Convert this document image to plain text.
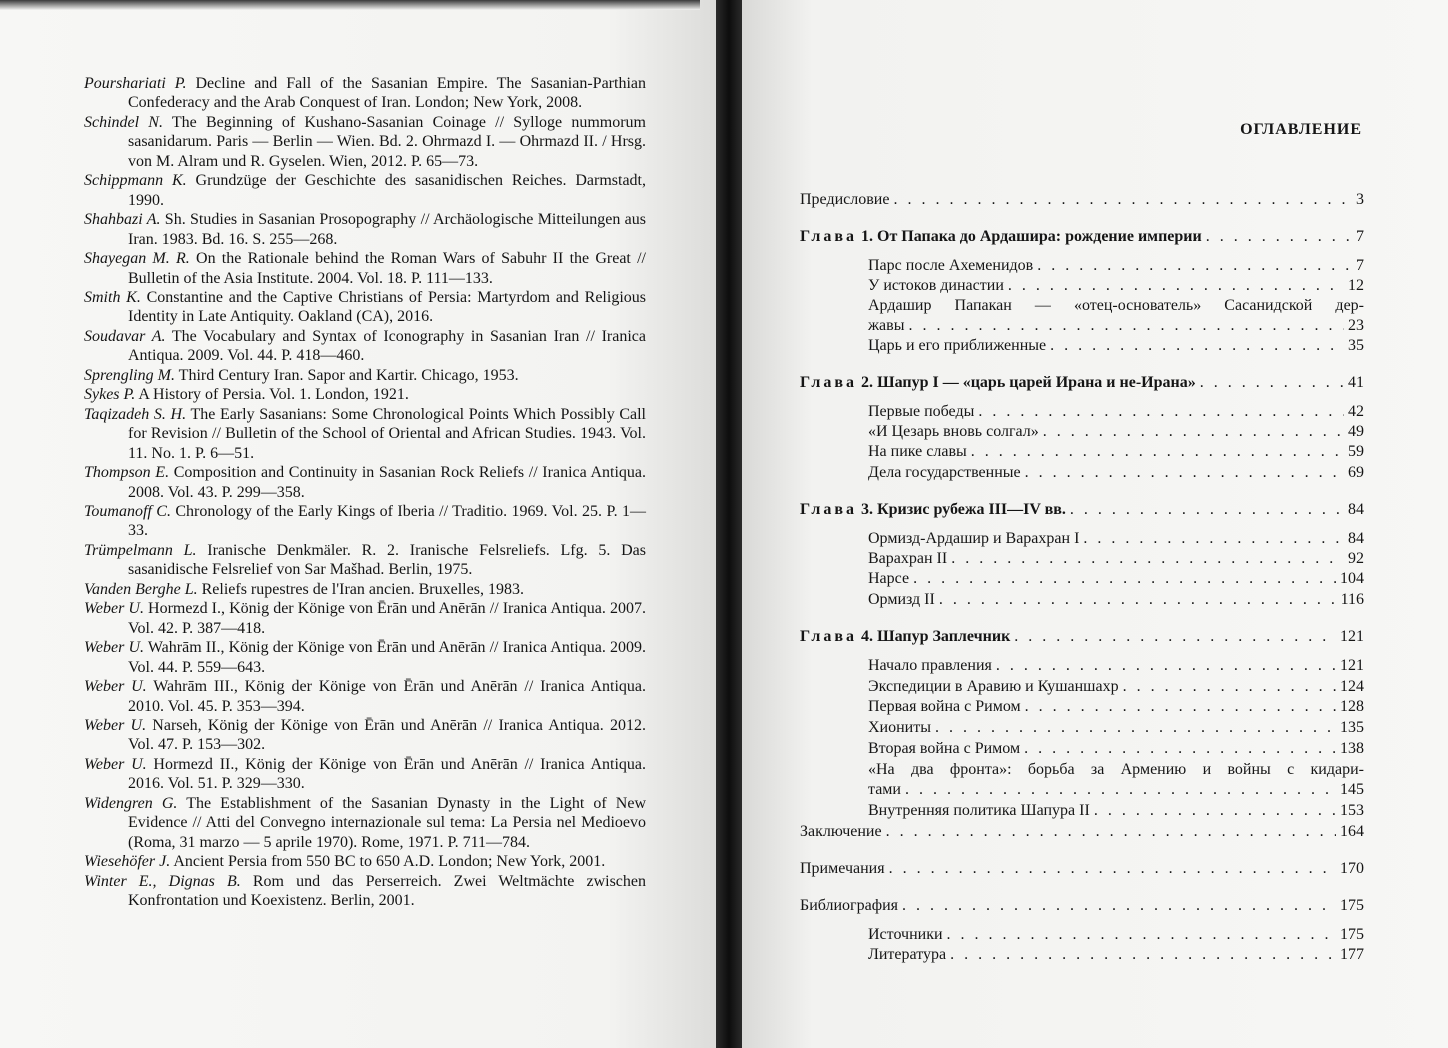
Pourshariati P. Decline and Fall of the Sasanian Empire. The Sasanian-Parthian Confederacy and the Arab Conquest of Iran. London; New York, 2008.

Schindel N. The Beginning of Kushano-Sasanian Coinage // Sylloge nummorum sasanidarum. Paris — Berlin — Wien. Bd. 2. Ohrmazd I. — Ohrmazd II. / Hrsg. von M. Alram und R. Gyselen. Wien, 2012. P. 65—73.

Schippmann K. Grundzüge der Geschichte des sasanidischen Reiches. Darmstadt, 1990.

Shahbazi A. Sh. Studies in Sasanian Prosopography // Archäologische Mitteilungen aus Iran. 1983. Bd. 16. S. 255—268.

Shayegan M. R. On the Rationale behind the Roman Wars of Sabuhr II the Great // Bulletin of the Asia Institute. 2004. Vol. 18. P. 111—133.

Smith K. Constantine and the Captive Christians of Persia: Martyrdom and Religious Identity in Late Antiquity. Oakland (CA), 2016.

Soudavar A. The Vocabulary and Syntax of Iconography in Sasanian Iran // Iranica Antiqua. 2009. Vol. 44. P. 418—460.

Sprengling M. Third Century Iran. Sapor and Kartir. Chicago, 1953.

Sykes P. A History of Persia. Vol. 1. London, 1921.

Taqizadeh S. H. The Early Sasanians: Some Chronological Points Which Possibly Call for Revision // Bulletin of the School of Oriental and African Studies. 1943. Vol. 11. No. 1. P. 6—51.

Thompson E. Composition and Continuity in Sasanian Rock Reliefs // Iranica Antiqua. 2008. Vol. 43. P. 299—358.

Toumanoff C. Chronology of the Early Kings of Iberia // Traditio. 1969. Vol. 25. P. 1—33.

Trümpelmann L. Iranische Denkmäler. R. 2. Iranische Felsreliefs. Lfg. 5. Das sasanidische Felsrelief von Sar Mašhad. Berlin, 1975.

Vanden Berghe L. Reliefs rupestres de l'Iran ancien. Bruxelles, 1983.

Weber U. Hormezd I., König der Könige von Ērān und Anērān // Iranica Antiqua. 2007. Vol. 42. P. 387—418.

Weber U. Wahrām II., König der Könige von Ērān und Anērān // Iranica Antiqua. 2009. Vol. 44. P. 559—643.

Weber U. Wahrām III., König der Könige von Ērān und Anērān // Iranica Antiqua. 2010. Vol. 45. P. 353—394.

Weber U. Narseh, König der Könige von Ērān und Anērān // Iranica Antiqua. 2012. Vol. 47. P. 153—302.

Weber U. Hormezd II., König der Könige von Ērān und Anērān // Iranica Antiqua. 2016. Vol. 51. P. 329—330.

Widengren G. The Establishment of the Sasanian Dynasty in the Light of New Evidence // Atti del Convegno internazionale sul tema: La Persia nel Medioevo (Roma, 31 marzo — 5 aprile 1970). Rome, 1971. P. 711—784.

Wiesehöfer J. Ancient Persia from 550 BC to 650 A.D. London; New York, 2001.

Winter E., Dignas B. Rom und das Perserreich. Zwei Weltmächte zwischen Konfrontation und Koexistenz. Berlin, 2001.

ОГЛАВЛЕНИЕ
Предисловие . . .	3
Глава 1. От Папака до Ардашира: рождение империи . . .	7
Парс после Ахеменидов . . .	7
У истоков династии . . .	12
Ардашир Папакан — «отец-основатель» Сасанидской дер-
жавы . . .	23
Царь и его приближенные . . .	35
Глава 2. Шапур I — «царь царей Ирана и не-Ирана» . . .	41
Первые победы . . .	42
«И Цезарь вновь солгал» . . .	49
На пике славы . . .	59
Дела государственные . . .	69
Глава 3. Кризис рубежа III—IV вв. . . .	84
Ормизд-Ардашир и Варахран I . . .	84
Варахран II . . .	92
Нарсе . . .	104
Ормизд II . . .	116
Глава 4. Шапур Заплечник . . .	121
Начало правления . . .	121
Экспедиции в Аравию и Кушаншахр . . .	124
Первая война с Римом . . .	128
Хиониты . . .	135
Вторая война с Римом . . .	138
«На два фронта»: борьба за Армению и войны с кидари-
тами . . .	145
Внутренняя политика Шапура II . . .	153
Заключение . . .	164
Примечания . . .	170
Библиография . . .	175
Источники . . .	175
Литература . . .	177
